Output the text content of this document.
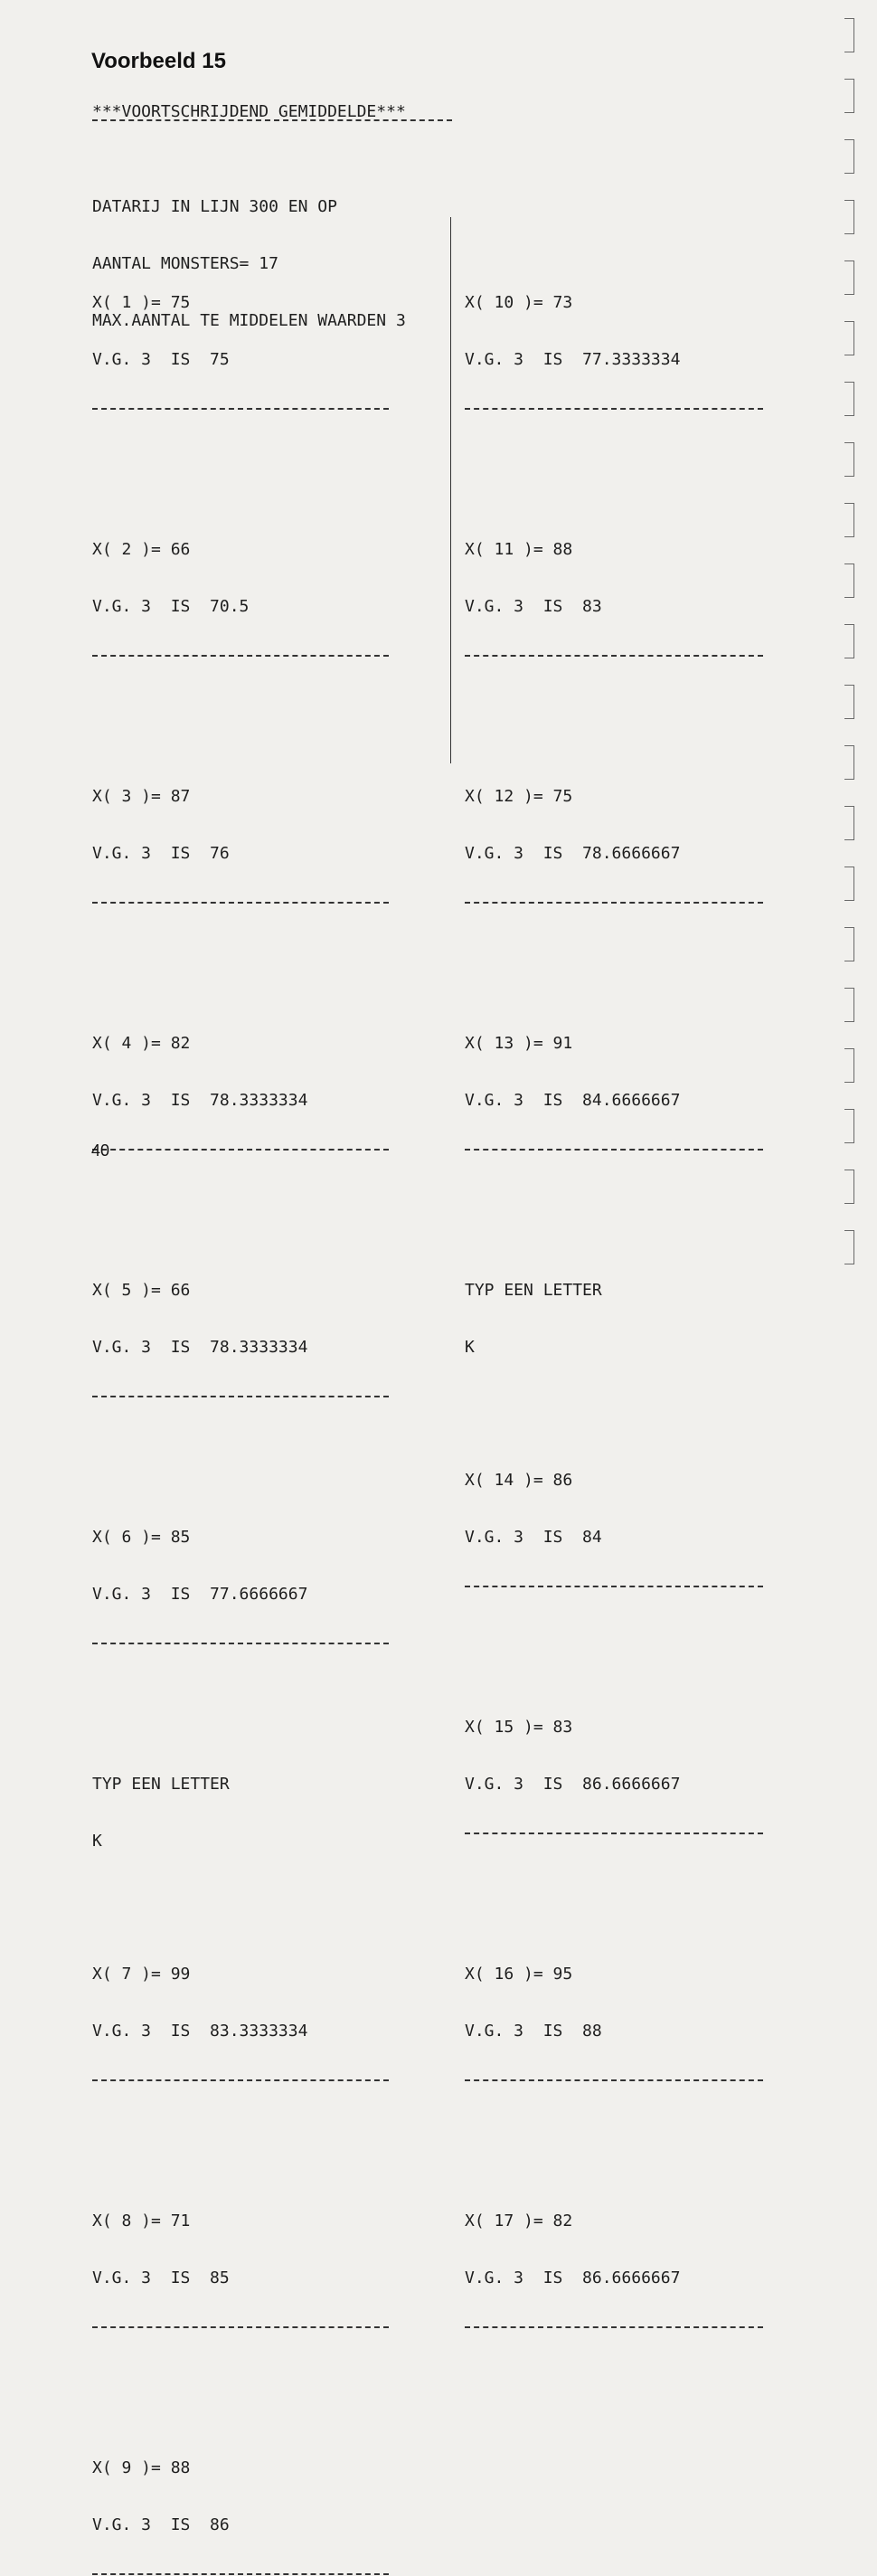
Voorbeeld 15
***VOORTSCHRIJDEND GEMIDDELDE***

DATARIJ IN LIJN 300 EN OP

AANTAL MONSTERS= 17

MAX.AANTAL TE MIDDELEN WAARDEN 3

X( 1 )= 75

V.G. 3  IS  75

X( 2 )= 66

V.G. 3  IS  70.5

X( 3 )= 87

V.G. 3  IS  76

X( 4 )= 82

V.G. 3  IS  78.3333334

X( 5 )= 66

V.G. 3  IS  78.3333334

X( 6 )= 85

V.G. 3  IS  77.6666667

TYP EEN LETTER

K

X( 7 )= 99

V.G. 3  IS  83.3333334

X( 8 )= 71

V.G. 3  IS  85

X( 9 )= 88

V.G. 3  IS  86

X( 10 )= 73

V.G. 3  IS  77.3333334

X( 11 )= 88

V.G. 3  IS  83

X( 12 )= 75

V.G. 3  IS  78.6666667

X( 13 )= 91

V.G. 3  IS  84.6666667

TYP EEN LETTER

K

X( 14 )= 86

V.G. 3  IS  84

X( 15 )= 83

V.G. 3  IS  86.6666667

X( 16 )= 95

V.G. 3  IS  88

X( 17 )= 82

V.G. 3  IS  86.6666667

40
